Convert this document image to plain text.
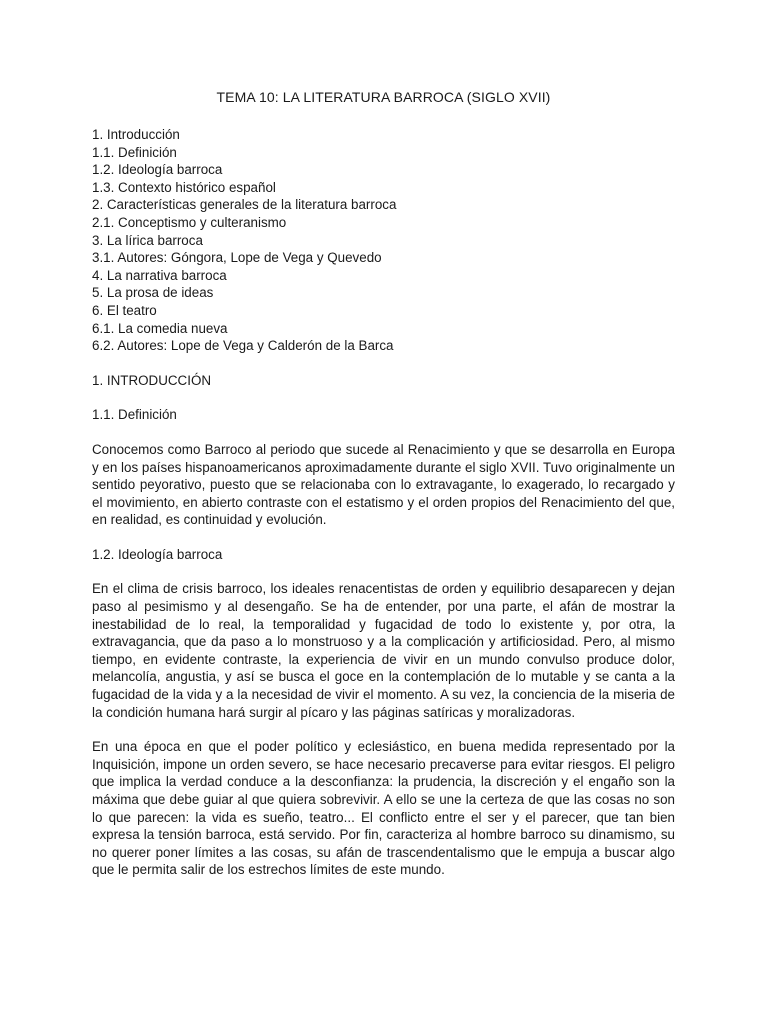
TEMA 10: LA LITERATURA BARROCA (SIGLO XVII)
1. Introducción
1.1. Definición
1.2. Ideología barroca
1.3. Contexto histórico español
2. Características generales de la literatura barroca
2.1. Conceptismo y culteranismo
3. La lírica barroca
3.1. Autores: Góngora, Lope de Vega y Quevedo
4. La narrativa barroca
5. La prosa de ideas
6. El teatro
6.1. La comedia nueva
6.2. Autores: Lope de Vega y Calderón de la Barca
1. INTRODUCCIÓN
1.1. Definición

Conocemos como Barroco al periodo que sucede al Renacimiento y que se desarrolla en Europa y en los países hispanoamericanos aproximadamente durante el siglo XVII. Tuvo originalmente un sentido peyorativo, puesto que se relacionaba con lo extravagante, lo exagerado, lo recargado y el movimiento, en abierto contraste con el estatismo y el orden propios del Renacimiento del que, en realidad, es continuidad y evolución.

1.2. Ideología barroca

En el clima de crisis barroco, los ideales renacentistas de orden y equilibrio desaparecen y dejan paso al pesimismo y al desengaño. Se ha de entender, por una parte, el afán de mostrar la inestabilidad de lo real, la temporalidad y fugacidad de todo lo existente y, por otra, la extravagancia, que da paso a lo monstruoso y a la complicación y artificiosidad. Pero, al mismo tiempo, en evidente contraste, la experiencia de vivir en un mundo convulso produce dolor, melancolía, angustia, y así se busca el goce en la contemplación de lo mutable y se canta a la fugacidad de la vida y a la necesidad de vivir el momento. A su vez, la conciencia de la miseria de la condición humana hará surgir al pícaro y las páginas satíricas y moralizadoras.

En una época en que el poder político y eclesiástico, en buena medida representado por la Inquisición, impone un orden severo, se hace necesario precaverse para evitar riesgos. El peligro que implica la verdad conduce a la desconfianza: la prudencia, la discreción y el engaño son la máxima que debe guiar al que quiera sobrevivir. A ello se une la certeza de que las cosas no son lo que parecen: la vida es sueño, teatro... El conflicto entre el ser y el parecer, que tan bien expresa la tensión barroca, está servido. Por fin, caracteriza al hombre barroco su dinamismo, su no querer poner límites a las cosas, su afán de trascendentalismo que le empuja a buscar algo que le permita salir de los estrechos límites de este mundo.
